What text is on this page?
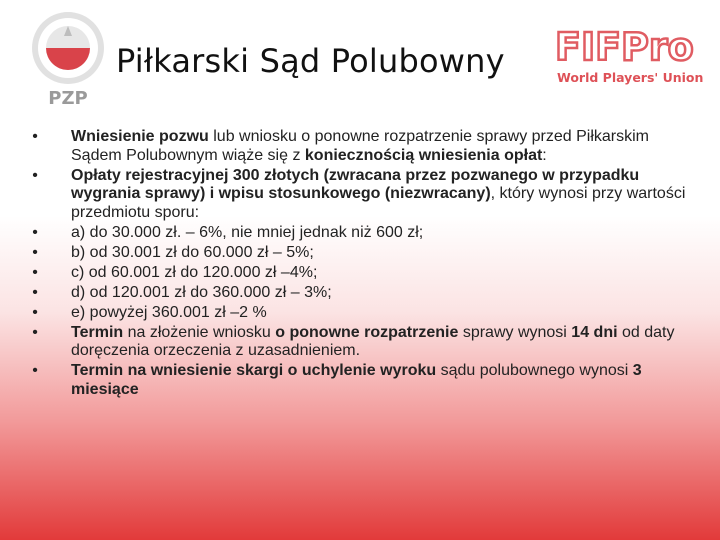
PZP
FIFPro
World Players' Union
Piłkarski Sąd Polubowny
• Wniesienie pozwu lub wniosku o ponowne rozpatrzenie sprawy przed Piłkarskim Sądem Polubownym wiąże się z koniecznością wniesienia opłat:
• Opłaty rejestracyjnej 300 złotych (zwracana przez pozwanego w przypadku wygrania sprawy) i wpisu stosunkowego (niezwracany), który wynosi przy wartości przedmiotu sporu:
• a) do 30.000 zł. – 6%, nie mniej jednak niż 600 zł;
• b) od 30.001 zł do 60.000 zł – 5%;
• c) od 60.001 zł do 120.000 zł –4%;
• d) od 120.001 zł do 360.000 zł – 3%;
• e) powyżej 360.001 zł –2 %
• Termin na złożenie wniosku o ponowne rozpatrzenie sprawy wynosi 14 dni od daty doręczenia orzeczenia z uzasadnieniem.
• Termin na wniesienie skargi o uchylenie wyroku sądu polubownego wynosi 3 miesiące
